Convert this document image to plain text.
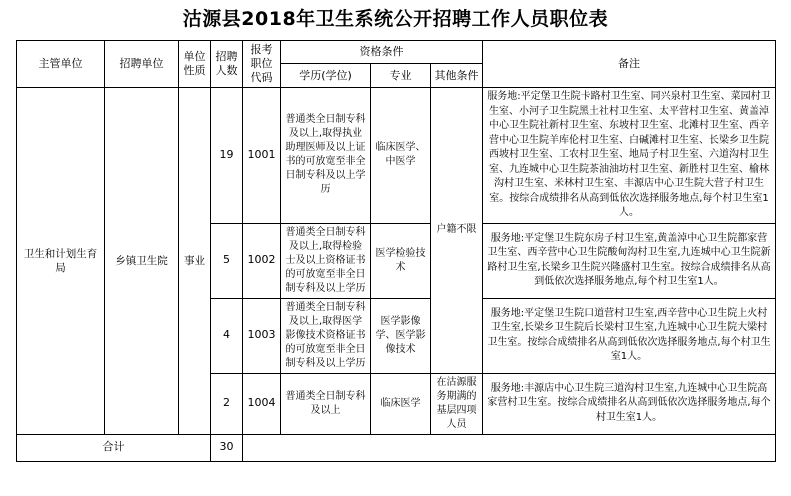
沽源县2018年卫生系统公开招聘工作人员职位表
主管单位	招聘单位	单位性质	招聘人数	报考职位代码	资格条件			备注
					学历(学位)	专业	其他条件	
卫生和计划生育局	乡镇卫生院	事业	19	1001	普通类全日制专科及以上,取得执业助理医师及以上证书的可放宽至非全日制专科及以上学历	临床医学、中医学	户籍不限	服务地:平定堡卫生院卡路村卫生室、同兴泉村卫生室、菜园村卫生室、小河子卫生院黑土社村卫生室、太平营村卫生室、黄盖淖中心卫生院社新村卫生室、东坡村卫生室、北滩村卫生室、西辛营中心卫生院羊库伦村卫生室、白碱滩村卫生室、长梁乡卫生院西坡村卫生室、工农村卫生室、地局子村卫生室、六道沟村卫生室、九连城中心卫生院茶油油坊村卫生室、新胜村卫生室、榆林沟村卫生室、米林村卫生室、丰源店中心卫生院大营子村卫生室。按综合成绩排名从高到低依次选择服务地点,每个村卫生室1人。
			5	1002	普通类全日制专科及以上,取得检验士及以上资格证书的可放宽至非全日制专科及以上学历	医学检验技术		服务地:平定堡卫生院东房子村卫生室,黄盖淖中心卫生院都家营卫生室、西辛营中心卫生院酸甸沟村卫生室,九连城中心卫生院新路村卫生室,长梁乡卫生院兴隆盛村卫生室。按综合成绩排名从高到低依次选择服务地点,每个村卫生室1人。
			4	1003	普通类全日制专科及以上,取得医学影像技术资格证书的可放宽至非全日制专科及以上学历	医学影像学、医学影像技术		服务地:平定堡卫生院口道营村卫生室,西辛营中心卫生院上火村卫生室,长梁乡卫生院后长梁村卫生室,九连城中心卫生院大梁村卫生室。按综合成绩排名从高到低依次选择服务地点,每个村卫生室1人。
			2	1004	普通类全日制专科及以上	临床医学	在沽源服务期满的基层四项人员	服务地:丰源店中心卫生院三道沟村卫生室,九连城中心卫生院高家营村卫生室。按综合成绩排名从高到低依次选择服务地点,每个村卫生室1人。
合计			30					
